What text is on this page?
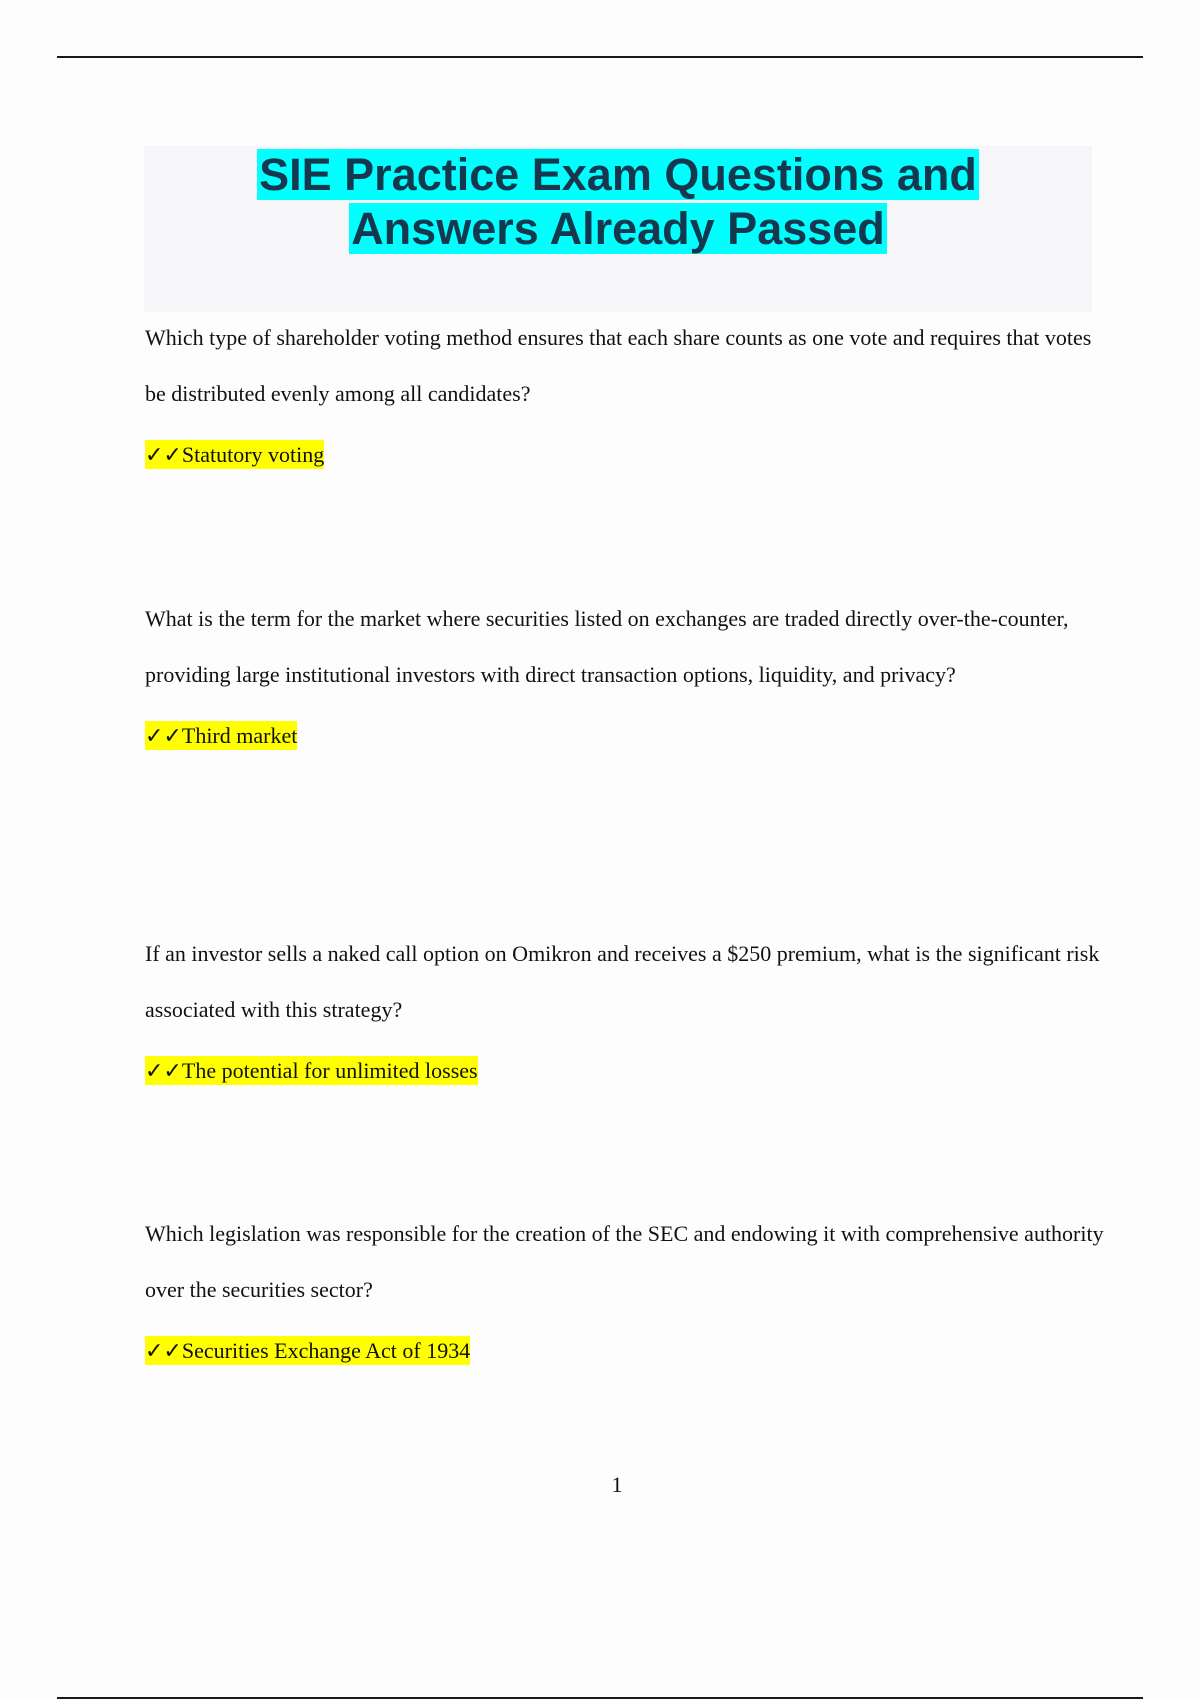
SIE Practice Exam Questions and
Answers Already Passed

Which type of shareholder voting method ensures that each share counts as one vote and requires that votes be distributed evenly among all candidates?

✓✓Statutory voting

What is the term for the market where securities listed on exchanges are traded directly over-the-counter, providing large institutional investors with direct transaction options, liquidity, and privacy?

✓✓Third market

If an investor sells a naked call option on Omikron and receives a $250 premium, what is the significant risk associated with this strategy?

✓✓The potential for unlimited losses

Which legislation was responsible for the creation of the SEC and endowing it with comprehensive authority over the securities sector?

✓✓Securities Exchange Act of 1934

1
